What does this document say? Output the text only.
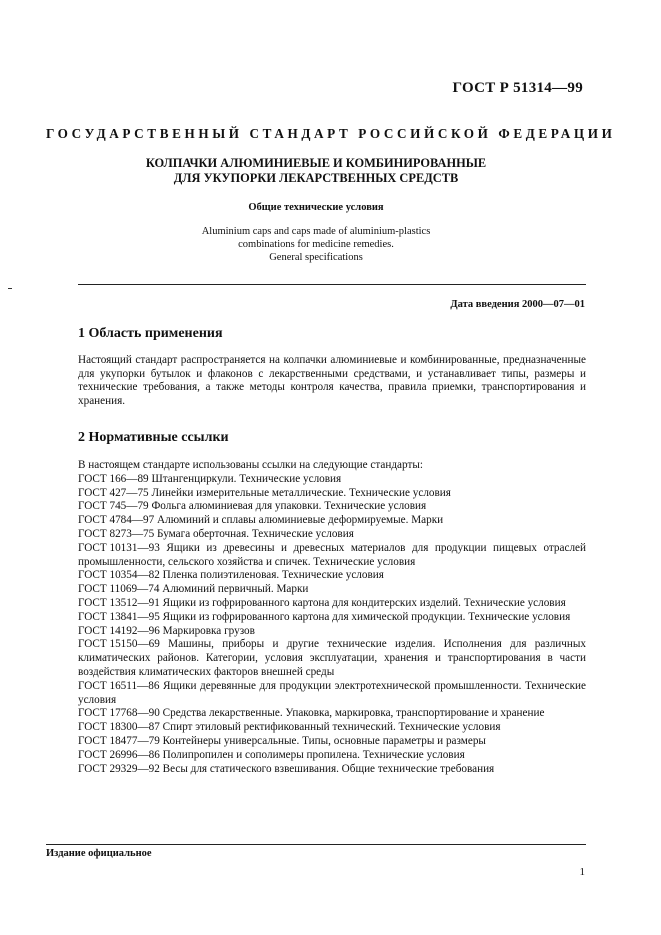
ГОСТ Р 51314—99
ГОСУДАРСТВЕННЫЙ СТАНДАРТ РОССИЙСКОЙ ФЕДЕРАЦИИ
КОЛПАЧКИ АЛЮМИНИЕВЫЕ И КОМБИНИРОВАННЫЕ
ДЛЯ УКУПОРКИ ЛЕКАРСТВЕННЫХ СРЕДСТВ
Общие технические условия
Aluminium caps and caps made of aluminium-plastics
combinations for medicine remedies.
General specifications
Дата введения 2000—07—01
1 Область применения
Настоящий стандарт распространяется на колпачки алюминиевые и комбинированные, предназначенные для укупорки бутылок и флаконов с лекарственными средствами, и устанавливает типы, размеры и технические требования, а также методы контроля качества, правила приемки, транспортирования и хранения.
2 Нормативные ссылки

В настоящем стандарте использованы ссылки на следующие стандарты:

ГОСТ 166—89 Штангенциркули. Технические условия

ГОСТ 427—75 Линейки измерительные металлические. Технические условия

ГОСТ 745—79 Фольга алюминиевая для упаковки. Технические условия

ГОСТ 4784—97 Алюминий и сплавы алюминиевые деформируемые. Марки

ГОСТ 8273—75 Бумага оберточная. Технические условия

ГОСТ 10131—93 Ящики из древесины и древесных материалов для продукции пищевых отраслей промышленности, сельского хозяйства и спичек. Технические условия

ГОСТ 10354—82 Пленка полиэтиленовая. Технические условия

ГОСТ 11069—74 Алюминий первичный. Марки

ГОСТ 13512—91 Ящики из гофрированного картона для кондитерских изделий. Технические условия

ГОСТ 13841—95 Ящики из гофрированного картона для химической продукции. Технические условия

ГОСТ 14192—96 Маркировка грузов

ГОСТ 15150—69 Машины, приборы и другие технические изделия. Исполнения для различных климатических районов. Категории, условия эксплуатации, хранения и транспортирования в части воздействия климатических факторов внешней среды

ГОСТ 16511—86 Ящики деревянные для продукции электротехнической промышленности. Технические условия

ГОСТ 17768—90 Средства лекарственные. Упаковка, маркировка, транспортирование и хранение

ГОСТ 18300—87 Спирт этиловый ректификованный технический. Технические условия

ГОСТ 18477—79 Контейнеры универсальные. Типы, основные параметры и размеры

ГОСТ 26996—86 Полипропилен и сополимеры пропилена. Технические условия

ГОСТ 29329—92 Весы для статического взвешивания. Общие технические требования

Издание официальное
1
